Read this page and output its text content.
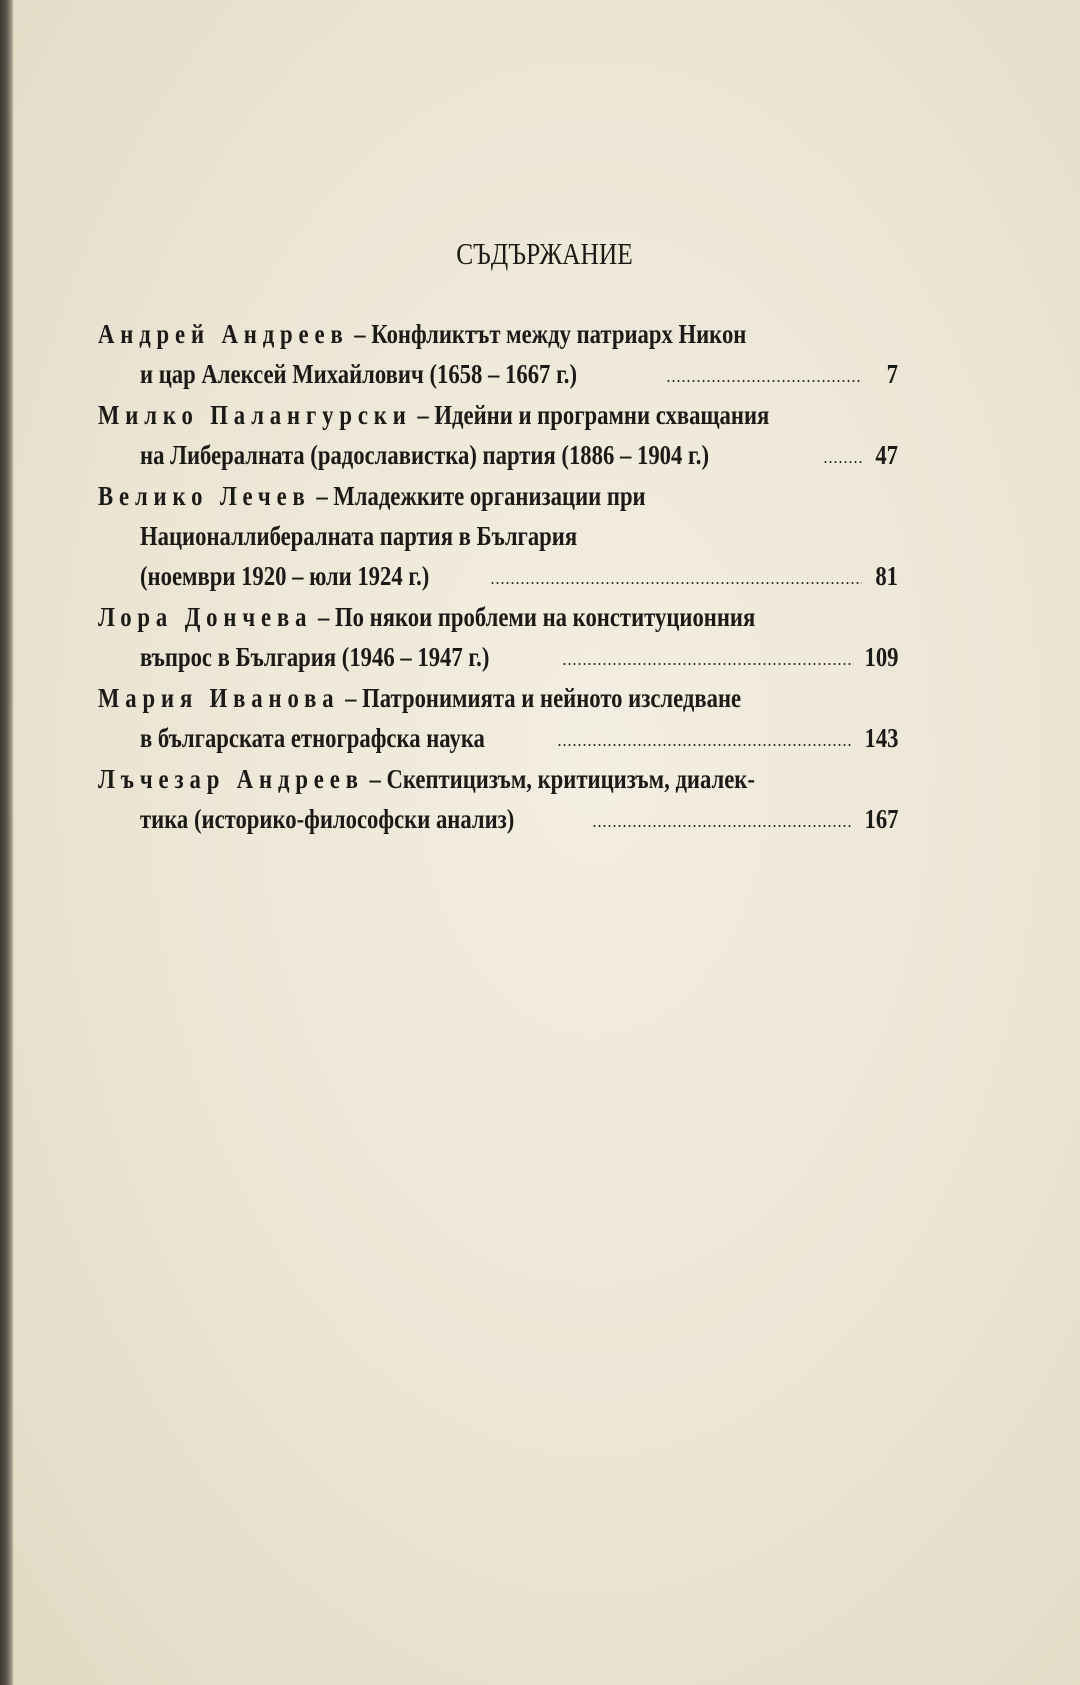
СЪДЪРЖАНИЕ
Андрей Андреев – Конфликтът между патриарх Никон
и цар Алексей Михайлович (1658 – 1667 г.)	7
Милко Палангурски – Идейни и програмни схващания
на Либералната (радославистка) партия (1886 – 1904 г.)	47
Велико Лечев – Младежките организации при
Националлибералната партия в България
(ноември 1920 – юли 1924 г.)	81
Лора Дончева – По някои проблеми на конституционния
въпрос в България (1946 – 1947 г.)	109
Мария Иванова – Патронимията и нейното изследване
в българската етнографска наука	143
Лъчезар Андреев – Скептицизъм, критицизъм, диалек-
тика (историко-философски анализ)	167
